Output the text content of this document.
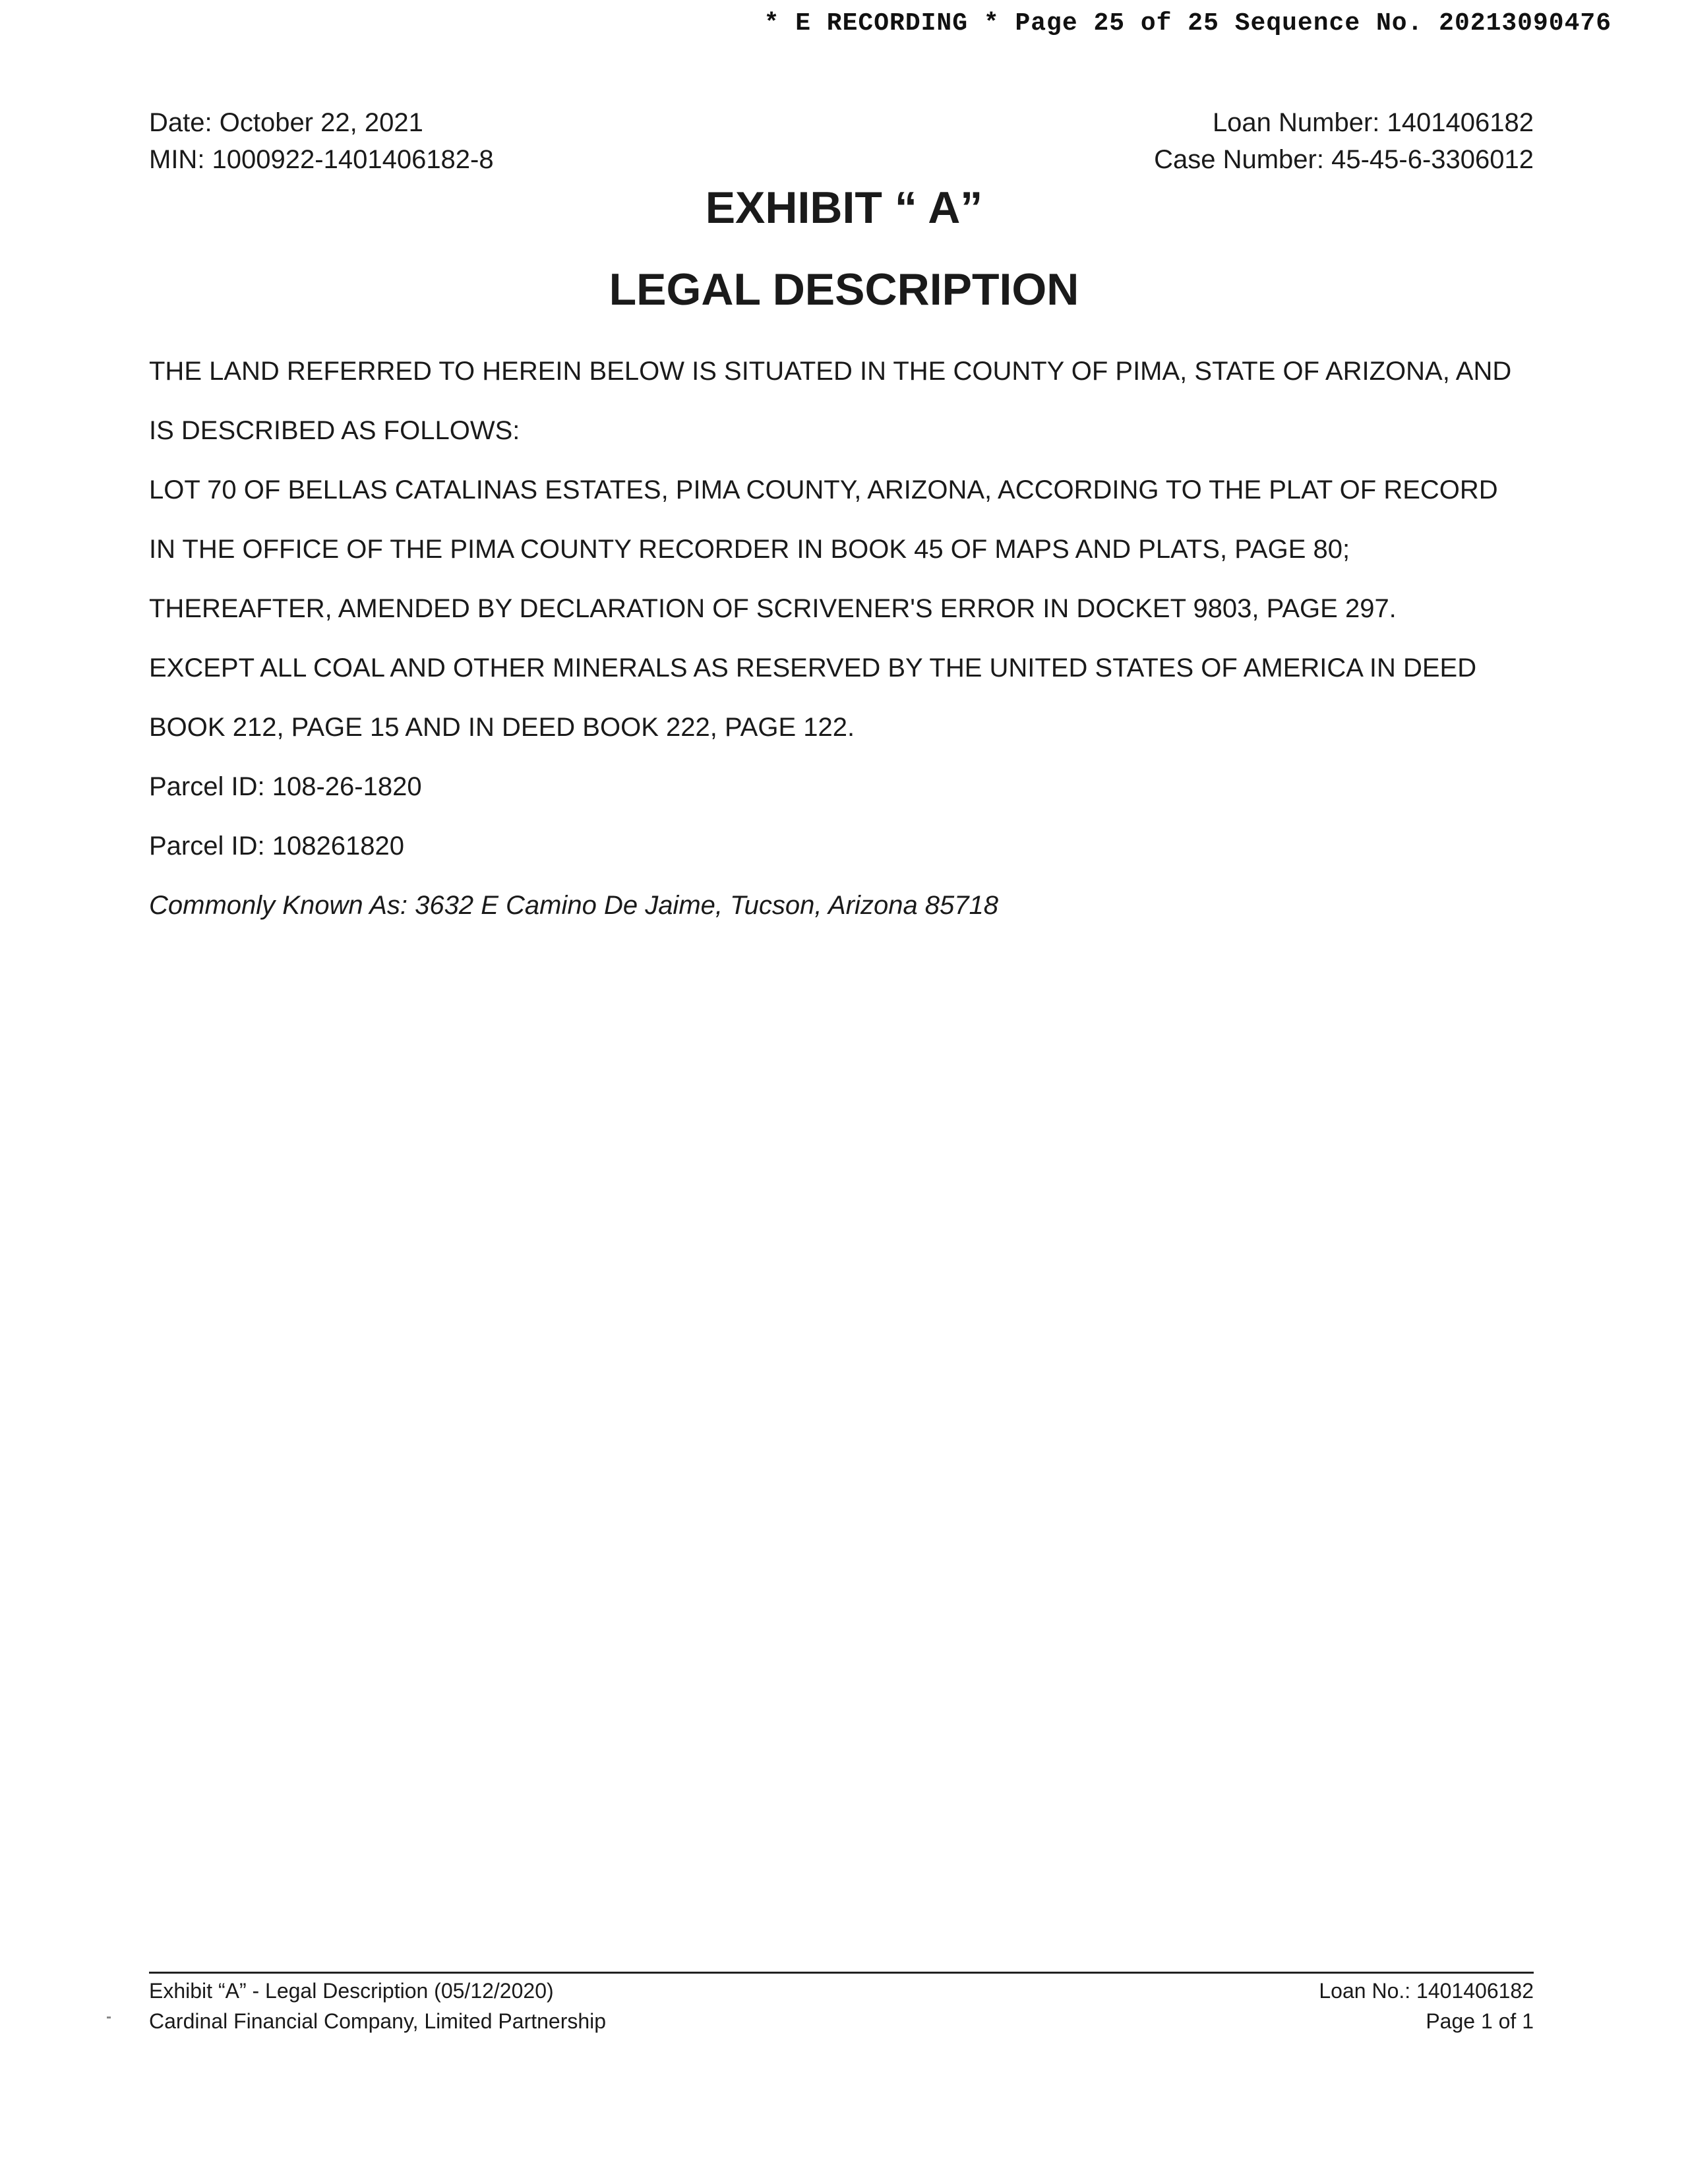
* E RECORDING * Page 25 of 25 Sequence No. 20213090476
Date: October 22, 2021
MIN: 1000922-1401406182-8
Loan Number: 1401406182
Case Number: 45-45-6-3306012
EXHIBIT “ A”
LEGAL DESCRIPTION
THE LAND REFERRED TO HEREIN BELOW IS SITUATED IN THE COUNTY OF PIMA, STATE OF ARIZONA, AND
IS DESCRIBED AS FOLLOWS:
LOT 70 OF BELLAS CATALINAS ESTATES, PIMA COUNTY, ARIZONA, ACCORDING TO THE PLAT OF RECORD
IN THE OFFICE OF THE PIMA COUNTY RECORDER IN BOOK 45 OF MAPS AND PLATS, PAGE 80;
THEREAFTER, AMENDED BY DECLARATION OF SCRIVENER'S ERROR IN DOCKET 9803, PAGE 297.
EXCEPT ALL COAL AND OTHER MINERALS AS RESERVED BY THE UNITED STATES OF AMERICA IN DEED
BOOK 212, PAGE 15 AND IN DEED BOOK 222, PAGE 122.
Parcel ID: 108-26-1820
Parcel ID: 108261820
Commonly Known As: 3632 E Camino De Jaime, Tucson, Arizona 85718
Exhibit “A” - Legal Description (05/12/2020)
Cardinal Financial Company, Limited Partnership
Loan No.: 1401406182
Page 1 of 1
